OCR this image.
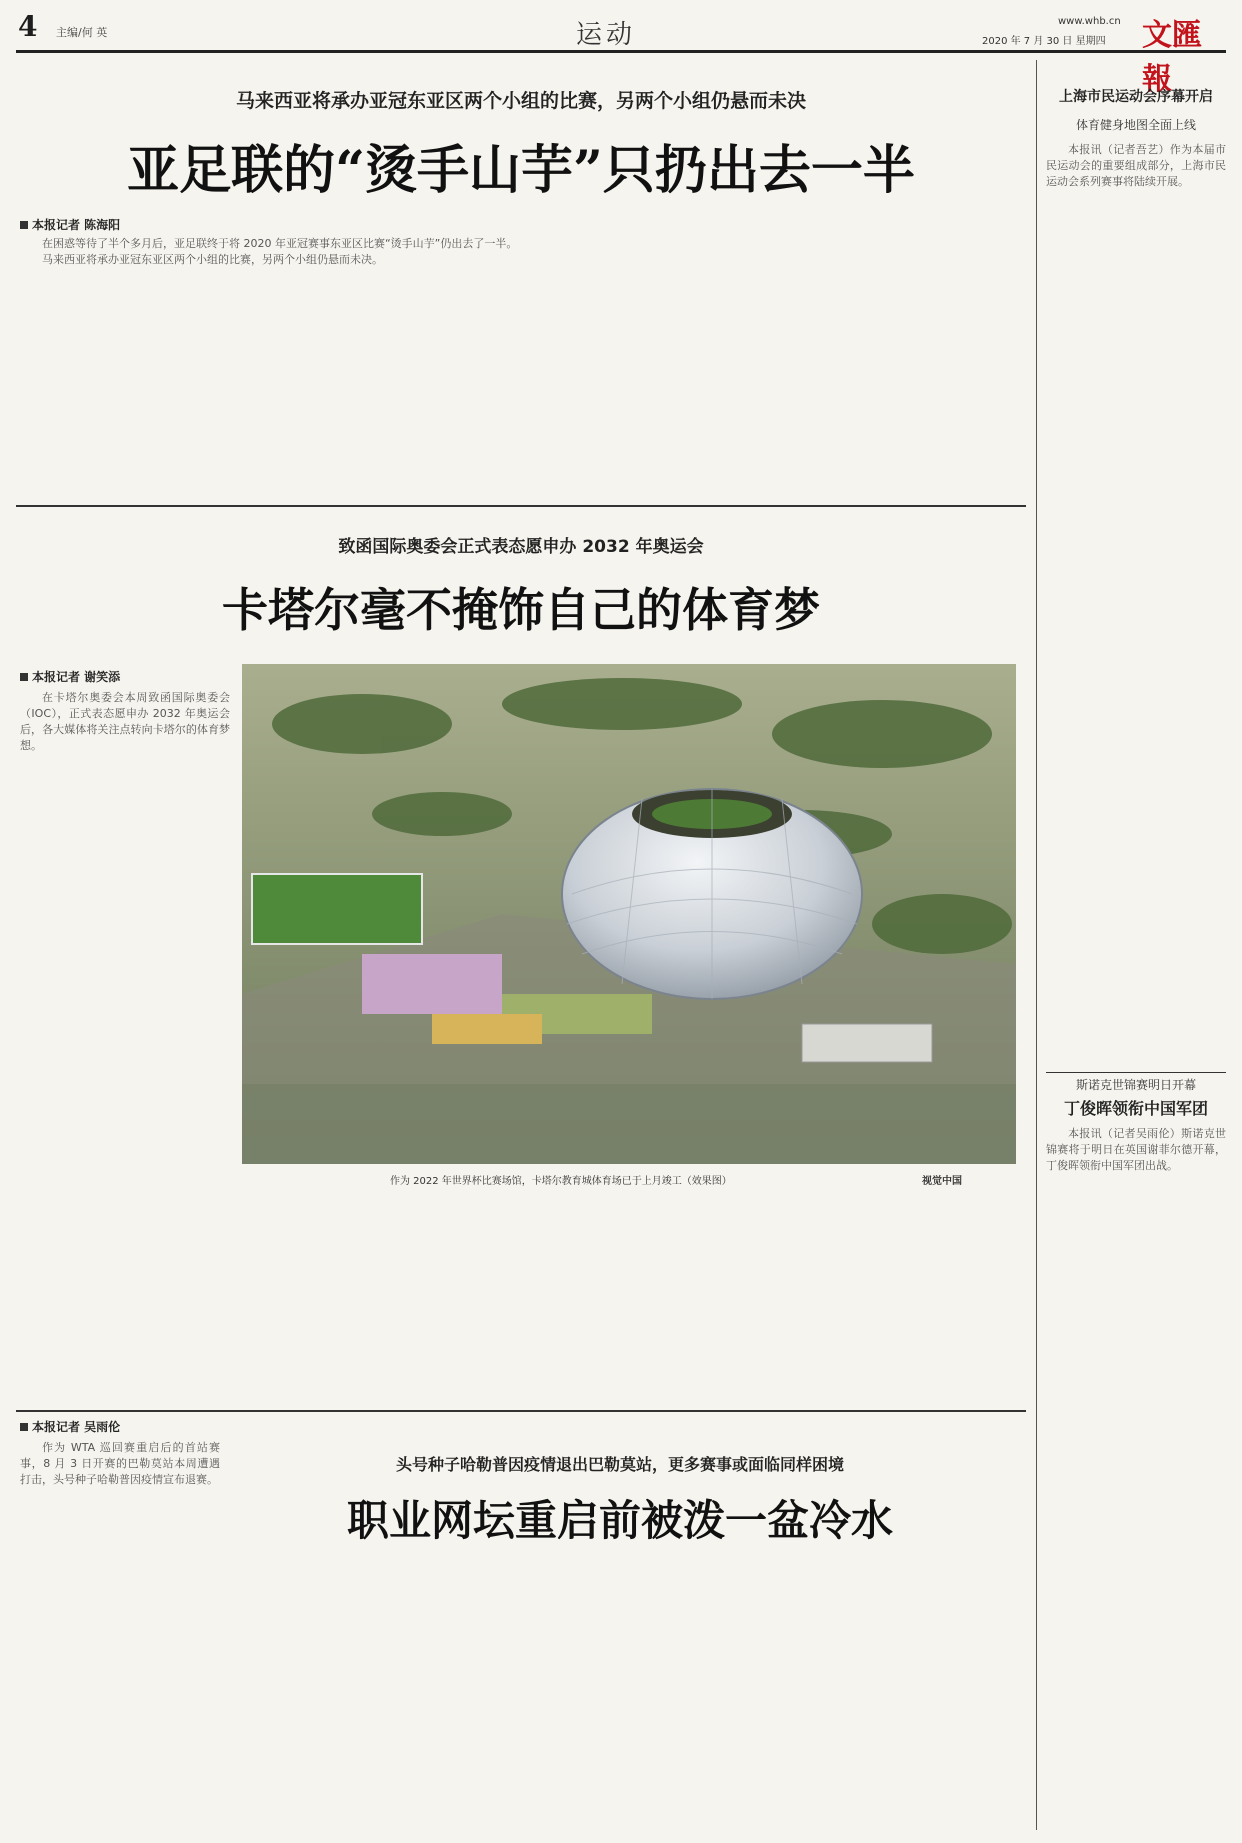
4 主编/何 英	运动	www.whb.cn
2020 年 7 月 30 日 星期四 文匯報
马来西亚将承办亚冠东亚区两个小组的比赛，另两个小组仍悬而未决
亚足联的“烫手山芋”只扔出去一半
本报记者 陈海阳

在困惑等待了半个多月后，亚足联终于将 2020 年亚冠赛事东亚区比赛“烫手山芋”仍出去了一半。

马来西亚将承办亚冠东亚区两个小组的比赛，另两个小组仍悬而未决。

致函国际奥委会正式表态愿申办 2032 年奥运会
卡塔尔毫不掩饰自己的体育梦
本报记者 谢笑添

在卡塔尔奥委会本周致函国际奥委会（IOC），正式表态愿申办 2032 年奥运会后，各大媒体将关注点转向卡塔尔的体育梦想。

作为 2022 年世界杯比赛场馆，卡塔尔教育城体育场已于上月竣工（效果图）	视觉中国
本报记者 吴雨伦
头号种子哈勒普因疫情退出巴勒莫站，更多赛事或面临同样困境
职业网坛重启前被泼一盆冷水

作为 WTA 巡回赛重启后的首站赛事，8 月 3 日开赛的巴勒莫站本周遭遇打击，头号种子哈勒普因疫情宣布退赛。

上海市民运动会序幕开启
体育健身地图全面上线

本报讯（记者吾艺）作为本届市民运动会的重要组成部分，上海市民运动会系列赛事将陆续开展。

斯诺克世锦赛明日开幕
丁俊晖领衔中国军团

本报讯（记者吴雨伦）斯诺克世锦赛将于明日在英国谢菲尔德开幕，丁俊晖领衔中国军团出战。
